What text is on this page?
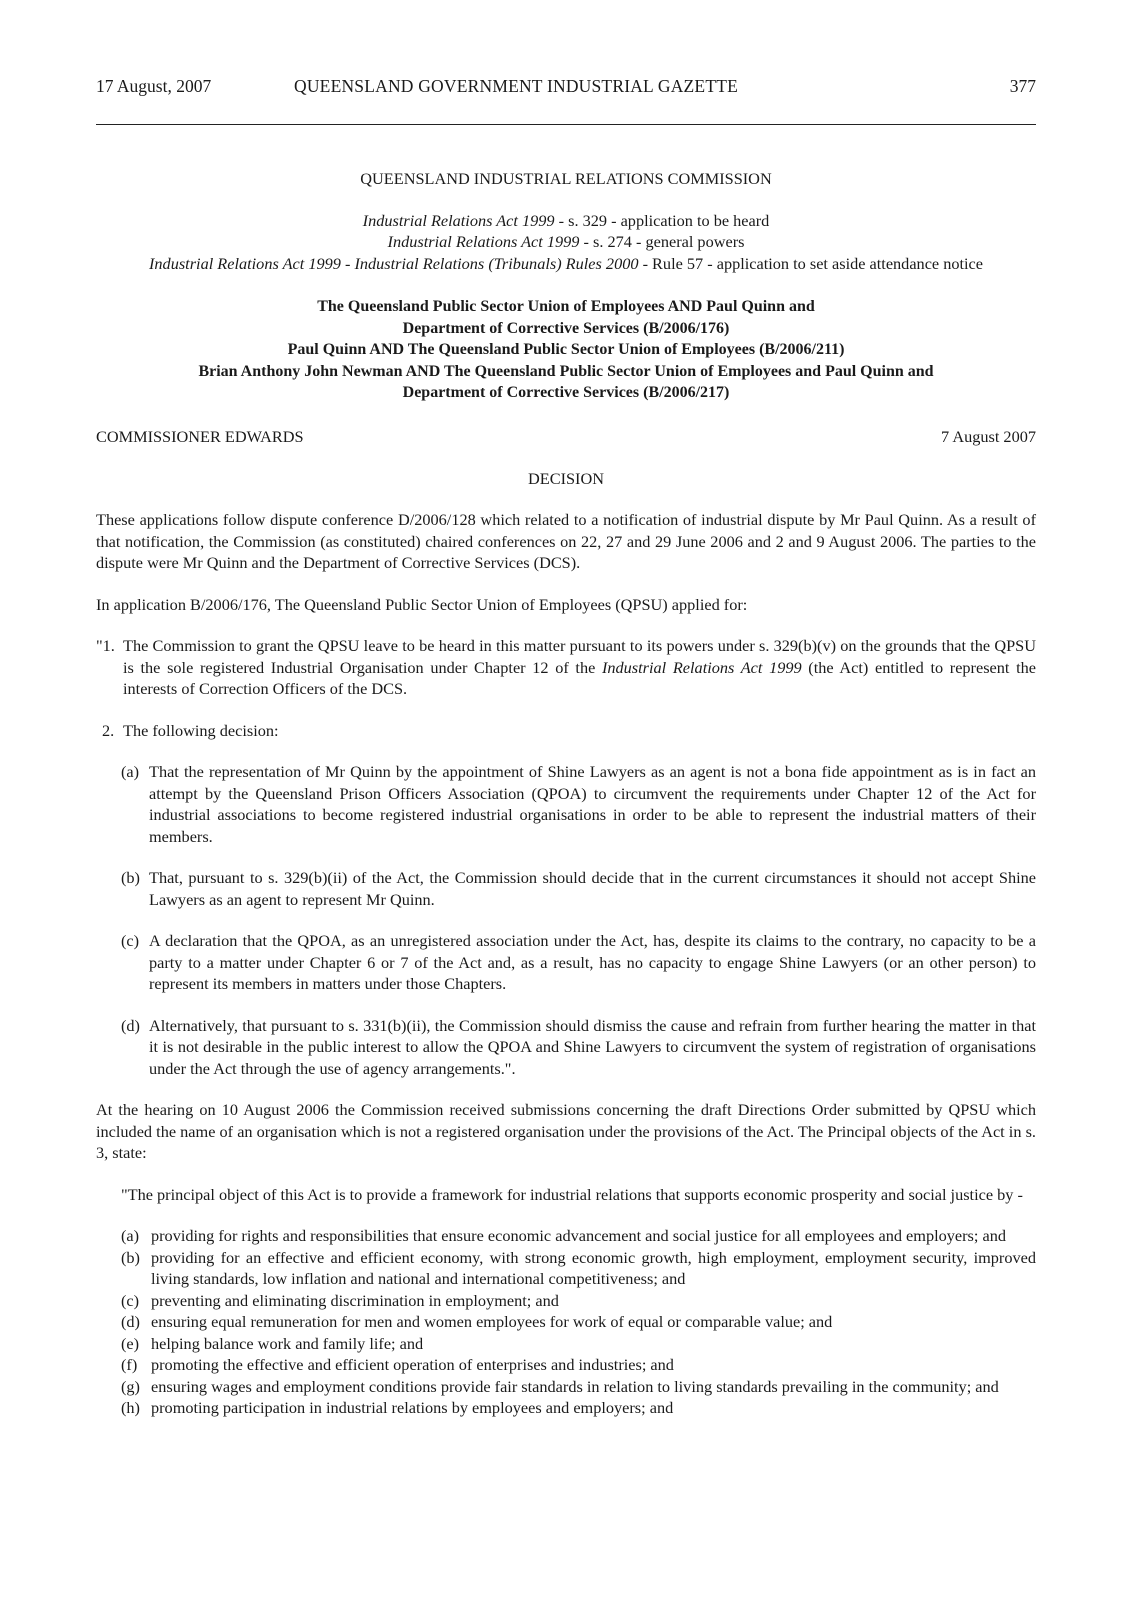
17 August, 2007	QUEENSLAND GOVERNMENT INDUSTRIAL GAZETTE	377

QUEENSLAND INDUSTRIAL RELATIONS COMMISSION

Industrial Relations Act 1999 - s. 329 - application to be heard

Industrial Relations Act 1999 - s. 274 - general powers

Industrial Relations Act 1999 - Industrial Relations (Tribunals) Rules 2000 - Rule 57 - application to set aside attendance notice

The Queensland Public Sector Union of Employees AND Paul Quinn and

Department of Corrective Services (B/2006/176)

Paul Quinn AND The Queensland Public Sector Union of Employees (B/2006/211)

Brian Anthony John Newman AND The Queensland Public Sector Union of Employees and Paul Quinn and

Department of Corrective Services (B/2006/217)

COMMISSIONER EDWARDS	7 August 2007

DECISION

These applications follow dispute conference D/2006/128 which related to a notification of industrial dispute by Mr Paul Quinn. As a result of that notification, the Commission (as constituted) chaired conferences on 22, 27 and 29 June 2006 and 2 and 9 August 2006. The parties to the dispute were Mr Quinn and the Department of Corrective Services (DCS).

In application B/2006/176, The Queensland Public Sector Union of Employees (QPSU) applied for:

"1. The Commission to grant the QPSU leave to be heard in this matter pursuant to its powers under s. 329(b)(v) on the grounds that the QPSU is the sole registered Industrial Organisation under Chapter 12 of the Industrial Relations Act 1999 (the Act) entitled to represent the interests of Correction Officers of the DCS.
2. The following decision:
(a) That the representation of Mr Quinn by the appointment of Shine Lawyers as an agent is not a bona fide appointment as is in fact an attempt by the Queensland Prison Officers Association (QPOA) to circumvent the requirements under Chapter 12 of the Act for industrial associations to become registered industrial organisations in order to be able to represent the industrial matters of their members.
(b) That, pursuant to s. 329(b)(ii) of the Act, the Commission should decide that in the current circumstances it should not accept Shine Lawyers as an agent to represent Mr Quinn.
(c) A declaration that the QPOA, as an unregistered association under the Act, has, despite its claims to the contrary, no capacity to be a party to a matter under Chapter 6 or 7 of the Act and, as a result, has no capacity to engage Shine Lawyers (or an other person) to represent its members in matters under those Chapters.
(d) Alternatively, that pursuant to s. 331(b)(ii), the Commission should dismiss the cause and refrain from further hearing the matter in that it is not desirable in the public interest to allow the QPOA and Shine Lawyers to circumvent the system of registration of organisations under the Act through the use of agency arrangements.".

At the hearing on 10 August 2006 the Commission received submissions concerning the draft Directions Order submitted by QPSU which included the name of an organisation which is not a registered organisation under the provisions of the Act. The Principal objects of the Act in s. 3, state:

"The principal object of this Act is to provide a framework for industrial relations that supports economic prosperity and social justice by -

(a) providing for rights and responsibilities that ensure economic advancement and social justice for all employees and employers; and
(b) providing for an effective and efficient economy, with strong economic growth, high employment, employment security, improved living standards, low inflation and national and international competitiveness; and
(c) preventing and eliminating discrimination in employment; and
(d) ensuring equal remuneration for men and women employees for work of equal or comparable value; and
(e) helping balance work and family life; and
(f) promoting the effective and efficient operation of enterprises and industries; and
(g) ensuring wages and employment conditions provide fair standards in relation to living standards prevailing in the community; and
(h) promoting participation in industrial relations by employees and employers; and
